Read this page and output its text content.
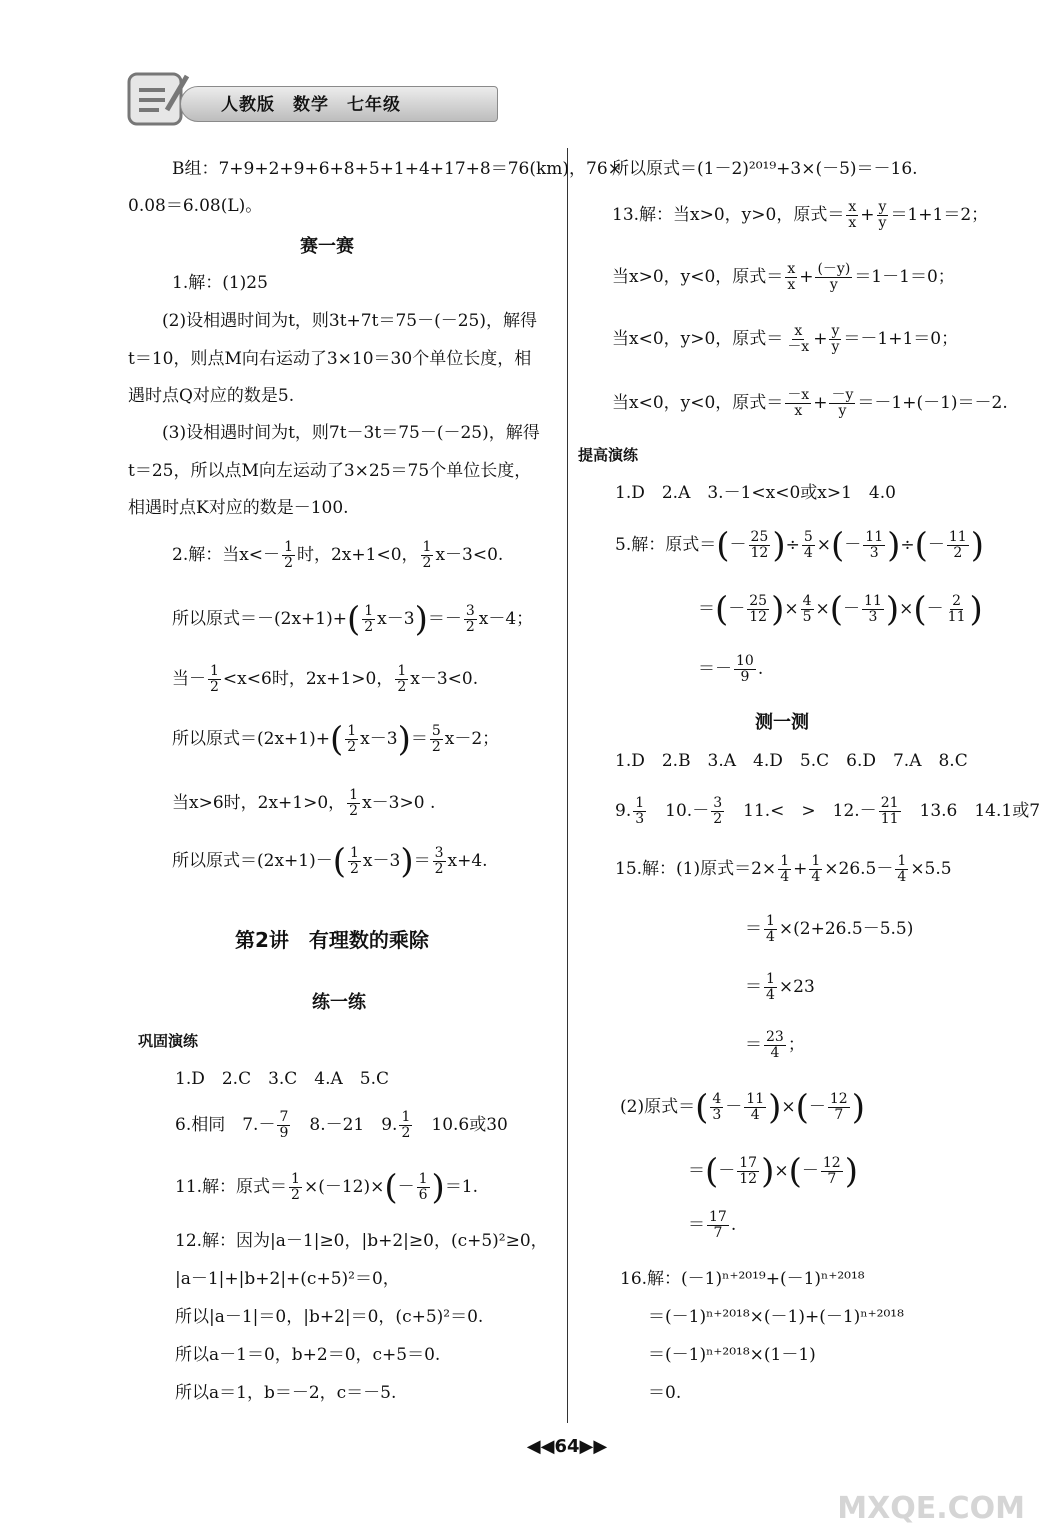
人教版　数学　七年级
B组：7+9+2+9+6+8+5+1+4+17+8＝76(km)，76×
0.08＝6.08(L)。
赛一赛
1.解：(1)25
(2)设相遇时间为t，则3t+7t＝75－(－25)，解得
t＝10，则点M向右运动了3×10＝30个单位长度，相
遇时点Q对应的数是5.
(3)设相遇时间为t，则7t－3t＝75－(－25)，解得
t＝25，所以点M向左运动了3×25＝75个单位长度，
相遇时点K对应的数是－100.
2.解：当$x<- \frac{1}{2}$ 时，2x+1<0， $\frac{1}{2} x-3<0$.
所以原式$=-(2x+1)+( \frac{1}{2} x-3)=- \frac{3}{2} x-4$；
当－ $\frac{1}{2} <x<6$时，2x+1>0， $\frac{1}{2} x-3<0$.
所以原式$=(2x+1)+( \frac{1}{2} x-3)= \frac{5}{2} x-2$；
当x>6时，2x+1>0， $\frac{1}{2} x-3>0$ .
所以原式$=(2x+1)-( \frac{1}{2} x-3)= \frac{3}{2} x+4$.
第2讲　有理数的乘除
练一练
巩固演练
1.D　2.C　3.C　4.A　5.C
6.相同　$7.- \frac{7}{9}$ 　8.－21　9. $\frac{1}{2}$ 　10.6或30
11.解：原式＝ $\frac{1}{2} \times(-12)\times(- \frac{1}{6} )=1$.
12.解：因为|a－1|≥0，|b+2|≥0，(c+5)²≥0，
|a－1|+|b+2|+(c+5)²＝0，
所以|a－1|＝0，|b+2|＝0，(c+5)²＝0.
所以a－1＝0，b+2＝0，c+5＝0.
所以a＝1，b＝－2，c＝－5.
所以原式＝(1－2)²⁰¹⁹+3×(－5)＝－16.
13.解：当x>0，y>0，原式＝ $\frac{x}{x} + \frac{y}{y} =1+1=2$；
当x>0，y<0，原式＝ $\frac{x}{x} + \frac{(-y)}{y} =1-1=0$；
当x<0，y>0，原式＝ $\frac{x}{-x} + \frac{y}{y} =-1+1=0$；
当x<0，y<0，原式＝ $\frac{-x}{x} + \frac{-y}{y} =-1+(-1)=-2$.
提高演练
1.D　2.A　3.－1<x<0或x>1　4.0
5.解：原式＝(－ $\frac{25}{12}$ )÷ $\frac{5}{4}$ ×(－ $\frac{11}{3}$ )÷(－ $\frac{11}{2}$ )
＝(－ $\frac{25}{12}$ )× $\frac{4}{5}$ ×(－ $\frac{11}{3}$ )×(－ $\frac{2}{11}$ )
＝－ $\frac{10}{9}$ .
测一测
1.D　2.B　3.A　4.D　5.C　6.D　7.A　8.C
9. $\frac{1}{3}$ 　$10.- \frac{3}{2}$ 　11.<　>　$12.- \frac{21}{11}$ 　13.6　14.1或7
15.解：(1)原式$=2\times \frac{1}{4} + \frac{1}{4} \times 26.5- \frac{1}{4} \times 5.5$
＝ $\frac{1}{4} \times(2+26.5-5.5)$
＝ $\frac{1}{4} \times 23$
＝ $\frac{23}{4}$ ；
(2)原式＝( $\frac{4}{3} - \frac{11}{4}$ )×(－ $\frac{12}{7}$ )
＝(－ $\frac{17}{12}$ )×(－ $\frac{12}{7}$ )
＝ $\frac{17}{7}$ .
16.解：(－1)ⁿ⁺²⁰¹⁹+(－1)ⁿ⁺²⁰¹⁸
＝(－1)ⁿ⁺²⁰¹⁸×(－1)+(－1)ⁿ⁺²⁰¹⁸
＝(－1)ⁿ⁺²⁰¹⁸×(1－1)
＝0.
◀◀64▶▶
MXQE.COM
